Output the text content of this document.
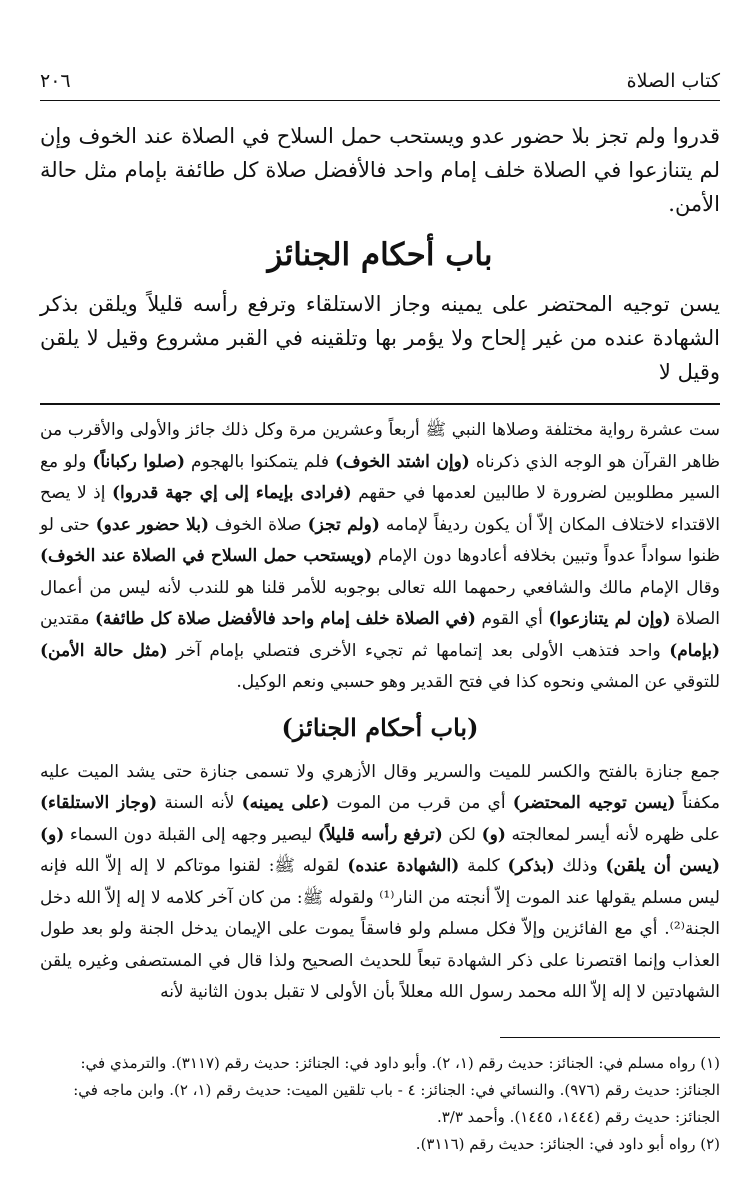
كتاب الصلاة
٢٠٦

قدروا ولم تجز بلا حضور عدو ويستحب حمل السلاح في الصلاة عند الخوف وإن لم يتنازعوا في الصلاة خلف إمام واحد فالأفضل صلاة كل طائفة بإمام مثل حالة الأمن.

باب أحكام الجنائز

يسن توجيه المحتضر على يمينه وجاز الاستلقاء وترفع رأسه قليلاً ويلقن بذكر الشهادة عنده من غير إلحاح ولا يؤمر بها وتلقينه في القبر مشروع وقيل لا يلقن وقيل لا

ست عشرة رواية مختلفة وصلاها النبي ﷺ أربعاً وعشرين مرة وكل ذلك جائز والأولى والأقرب من ظاهر القرآن هو الوجه الذي ذكرناه (وإن اشتد الخوف) فلم يتمكنوا بالهجوم (صلوا ركباناً) ولو مع السير مطلوبين لضرورة لا طالبين لعدمها في حقهم (فرادى بإيماء إلى إي جهة قدروا) إذ لا يصح الاقتداء لاختلاف المكان إلاّ أن يكون رديفاً لإمامه (ولم تجز) صلاة الخوف (بلا حضور عدو) حتى لو ظنوا سواداً عدواً وتبين بخلافه أعادوها دون الإمام (ويستحب حمل السلاح في الصلاة عند الخوف) وقال الإمام مالك والشافعي رحمهما الله تعالى بوجوبه للأمر قلنا هو للندب لأنه ليس من أعمال الصلاة (وإن لم يتنازعوا) أي القوم (في الصلاة خلف إمام واحد فالأفضل صلاة كل طائفة) مقتدين (بإمام) واحد فتذهب الأولى بعد إتمامها ثم تجيء الأخرى فتصلي بإمام آخر (مثل حالة الأمن) للتوقي عن المشي ونحوه كذا في فتح القدير وهو حسبي ونعم الوكيل.

(باب أحكام الجنائز)

جمع جنازة بالفتح والكسر للميت والسرير وقال الأزهري ولا تسمى جنازة حتى يشد الميت عليه مكفناً (يسن توجيه المحتضر) أي من قرب من الموت (على يمينه) لأنه السنة (وجاز الاستلقاء) على ظهره لأنه أيسر لمعالجته (و) لكن (ترفع رأسه قليلاً) ليصير وجهه إلى القبلة دون السماء (و) (يسن أن يلقن) وذلك (بذكر) كلمة (الشهادة عنده) لقوله ﷺ: لقنوا موتاكم لا إله إلاّ الله فإنه ليس مسلم يقولها عند الموت إلاّ أنجته من النار⁽¹⁾ ولقوله ﷺ: من كان آخر كلامه لا إله إلاّ الله دخل الجنة⁽²⁾. أي مع الفائزين وإلاّ فكل مسلم ولو فاسقاً يموت على الإيمان يدخل الجنة ولو بعد طول العذاب وإنما اقتصرنا على ذكر الشهادة تبعاً للحديث الصحيح ولذا قال في المستصفى وغيره يلقن الشهادتين لا إله إلاّ الله محمد رسول الله معللاً بأن الأولى لا تقبل بدون الثانية لأنه

(١) رواه مسلم في: الجنائز: حديث رقم (١، ٢). وأبو داود في: الجنائز: حديث رقم (٣١١٧). والترمذي في: الجنائز: حديث رقم (٩٧٦). والنسائي في: الجنائز: ٤ - باب تلقين الميت: حديث رقم (١، ٢). وابن ماجه في: الجنائز: حديث رقم (١٤٤٤، ١٤٤٥). وأحمد ٣/٣.

(٢) رواه أبو داود في: الجنائز: حديث رقم (٣١١٦).
